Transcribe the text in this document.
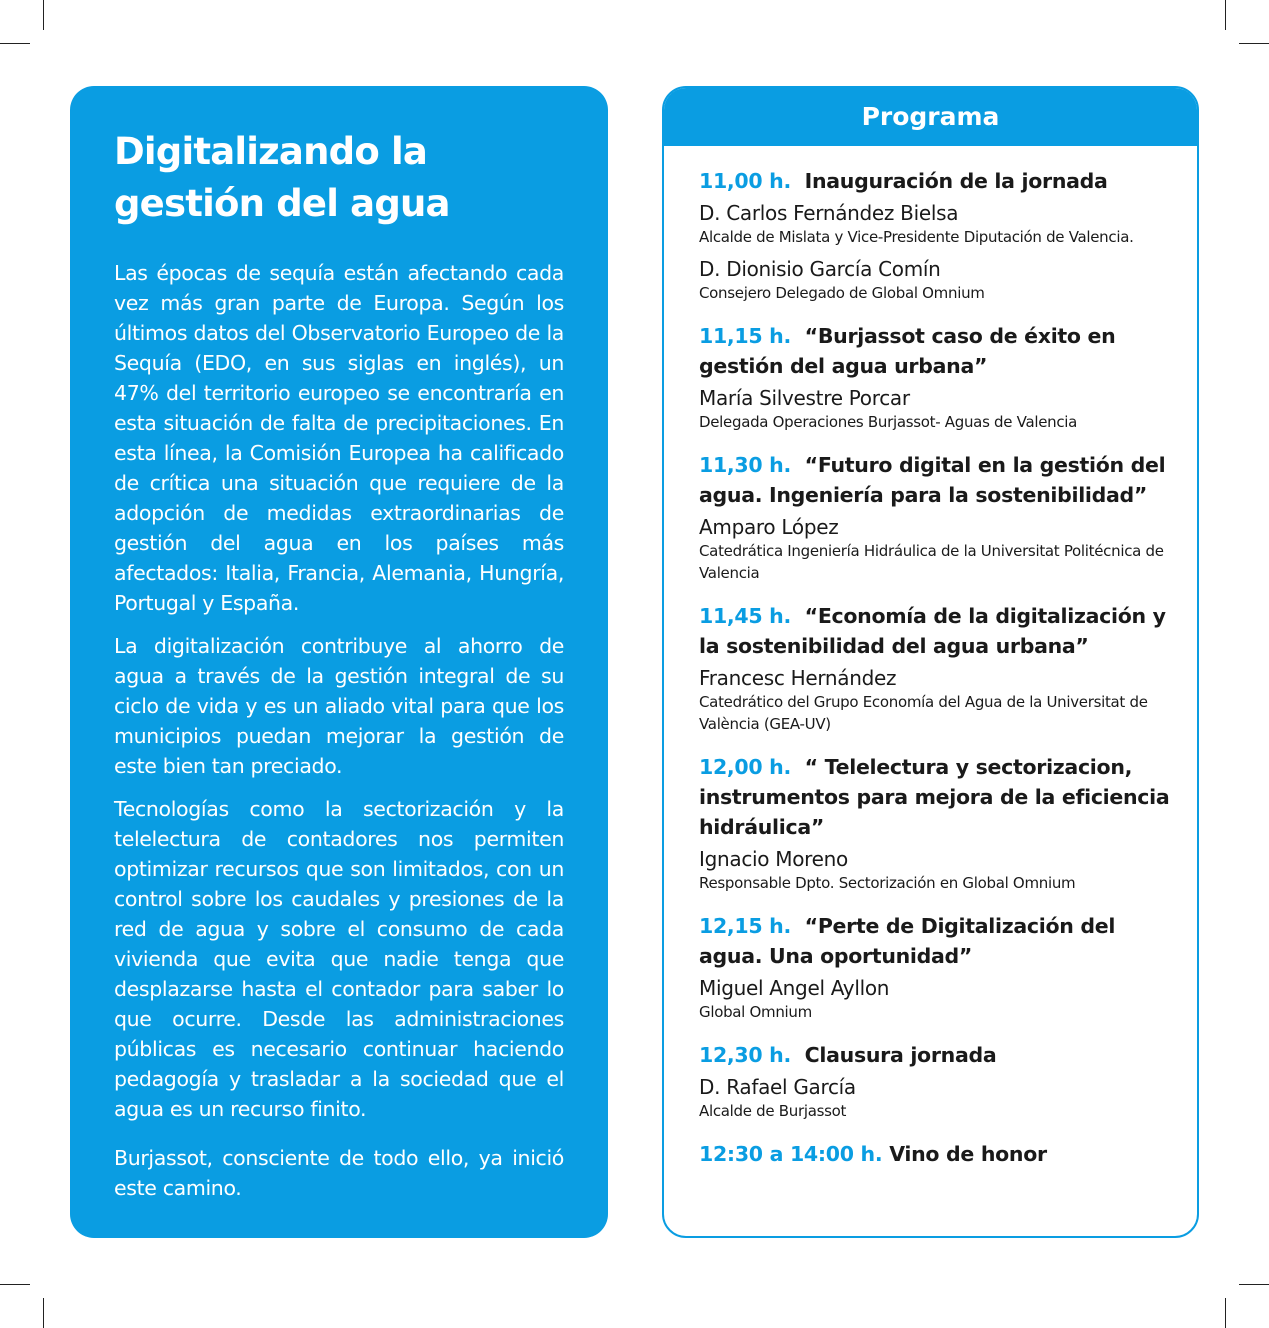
Digitalizando la gestión del agua

Las épocas de sequía están afectando cada vez más gran parte de Europa. Según los últimos datos del Observatorio Europeo de la Sequía (EDO, en sus siglas en inglés), un 47% del territorio europeo se encontraría en esta situación de falta de precipitaciones. En esta línea, la Comisión Europea ha calificado de crítica una situación que requiere de la adopción de medidas extraordinarias de gestión del agua en los países más afectados: Italia, Francia, Alemania, Hungría, Portugal y España.

La digitalización contribuye al ahorro de agua a través de la gestión integral de su ciclo de vida y es un aliado vital para que los municipios puedan mejorar la gestión de este bien tan preciado.

Tecnologías como la sectorización y la telelectura de contadores nos permiten optimizar recursos que son limitados, con un control sobre los caudales y presiones de la red de agua y sobre el consumo de cada vivienda que evita que nadie tenga que desplazarse hasta el contador para saber lo que ocurre. Desde las administraciones públicas es necesario continuar haciendo pedagogía y trasladar a la sociedad que el agua es un recurso finito.

Burjassot, consciente de todo ello, ya inició este camino.

Programa
11,00 h. Inauguración de la jornada
D. Carlos Fernández Bielsa
Alcalde de Mislata y Vice-Presidente Diputación de Valencia.
D. Dionisio García Comín
Consejero Delegado de Global Omnium
11,15 h. “Burjassot caso de éxito en gestión del agua urbana”
María Silvestre Porcar
Delegada Operaciones Burjassot- Aguas de Valencia
11,30 h. “Futuro digital en la gestión del agua. Ingeniería para la sostenibilidad”
Amparo López
Catedrática Ingeniería Hidráulica de la Universitat Politécnica de Valencia
11,45 h. “Economía de la digitalización y la sostenibilidad del agua urbana”
Francesc Hernández
Catedrático del Grupo Economía del Agua de la Universitat de València (GEA-UV)
12,00 h. “ Telelectura y sectorizacion, instrumentos para mejora de la eficiencia hidráulica”
Ignacio Moreno
Responsable Dpto. Sectorización en Global Omnium
12,15 h. “Perte de Digitalización del agua. Una oportunidad”
Miguel Angel Ayllon
Global Omnium
12,30 h. Clausura jornada
D. Rafael García
Alcalde de Burjassot
12:30 a 14:00 h. Vino de honor
